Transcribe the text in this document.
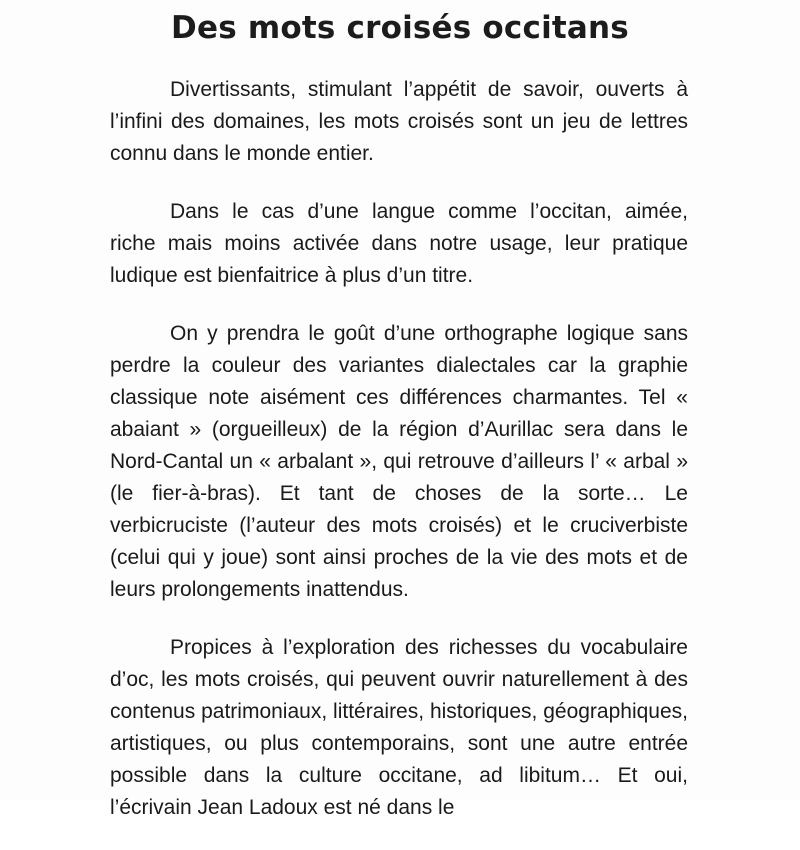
Des mots croisés occitans

Divertissants, stimulant l’appétit de savoir, ouverts à l’infini des domaines, les mots croisés sont un jeu de lettres connu dans le monde entier.

Dans le cas d’une langue comme l’occitan, aimée, riche mais moins activée dans notre usage, leur pratique ludique est bienfaitrice à plus d’un titre.

On y prendra le goût d’une orthographe logique sans perdre la couleur des variantes dialectales car la graphie classique note aisément ces différences charmantes. Tel « abaiant » (orgueilleux) de la région d’Aurillac sera dans le Nord-Cantal un « arbalant », qui retrouve d’ailleurs l’ « arbal » (le fier-à-bras). Et tant de choses de la sorte… Le verbicruciste (l’auteur des mots croisés) et le cruciverbiste (celui qui y joue) sont ainsi proches de la vie des mots et de leurs prolongements inattendus.

Propices à l’exploration des richesses du vocabulaire d’oc, les mots croisés, qui peuvent ouvrir naturellement à des contenus patrimoniaux, littéraires, historiques, géographiques, artistiques, ou plus contemporains, sont une autre entrée possible dans la culture occitane, ad libitum… Et oui, l’écrivain Jean Ladoux est né dans le
